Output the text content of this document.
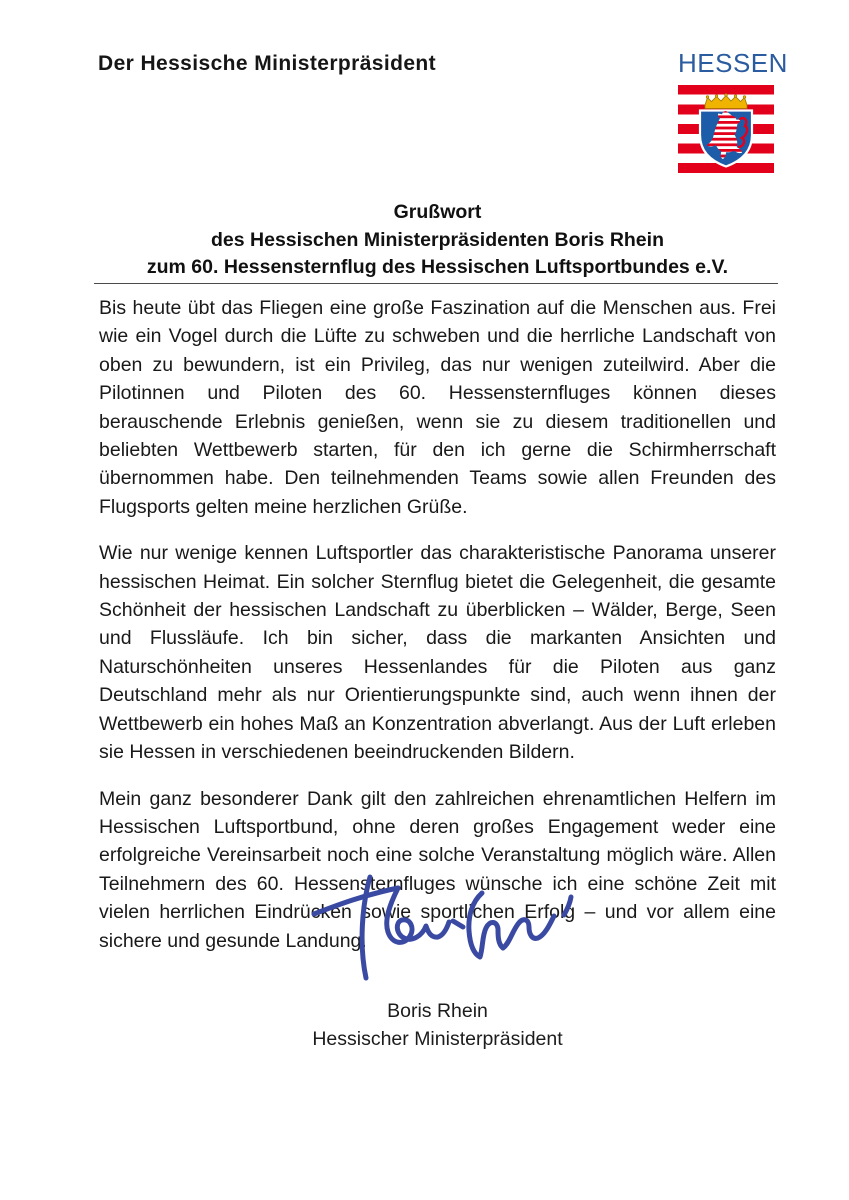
Der Hessische Ministerpräsident	HESSEN
Grußwort
des Hessischen Ministerpräsidenten Boris Rhein
zum 60. Hessensternflug des Hessischen Luftsportbundes e.V.

Bis heute übt das Fliegen eine große Faszination auf die Menschen aus. Frei wie ein Vogel durch die Lüfte zu schweben und die herrliche Landschaft von oben zu bewundern, ist ein Privileg, das nur wenigen zuteilwird. Aber die Pilotinnen und Piloten des 60. Hessensternfluges können dieses berauschende Erlebnis genießen, wenn sie zu diesem traditionellen und beliebten Wettbewerb starten, für den ich gerne die Schirmherrschaft übernommen habe. Den teilnehmenden Teams sowie allen Freunden des Flugsports gelten meine herzlichen Grüße.

Wie nur wenige kennen Luftsportler das charakteristische Panorama unserer hessischen Heimat. Ein solcher Sternflug bietet die Gelegenheit, die gesamte Schönheit der hessischen Landschaft zu überblicken – Wälder, Berge, Seen und Flussläufe. Ich bin sicher, dass die markanten Ansichten und Naturschönheiten unseres Hessenlandes für die Piloten aus ganz Deutschland mehr als nur Orientierungspunkte sind, auch wenn ihnen der Wettbewerb ein hohes Maß an Konzentration abverlangt. Aus der Luft erleben sie Hessen in verschiedenen beeindruckenden Bildern.

Mein ganz besonderer Dank gilt den zahlreichen ehrenamtlichen Helfern im Hessischen Luftsportbund, ohne deren großes Engagement weder eine erfolgreiche Vereinsarbeit noch eine solche Veranstaltung möglich wäre. Allen Teilnehmern des 60. Hessensternfluges wünsche ich eine schöne Zeit mit vielen herrlichen Eindrücken sowie sportlichen Erfolg – und vor allem eine sichere und gesunde Landung.

Boris Rhein
Hessischer Ministerpräsident
